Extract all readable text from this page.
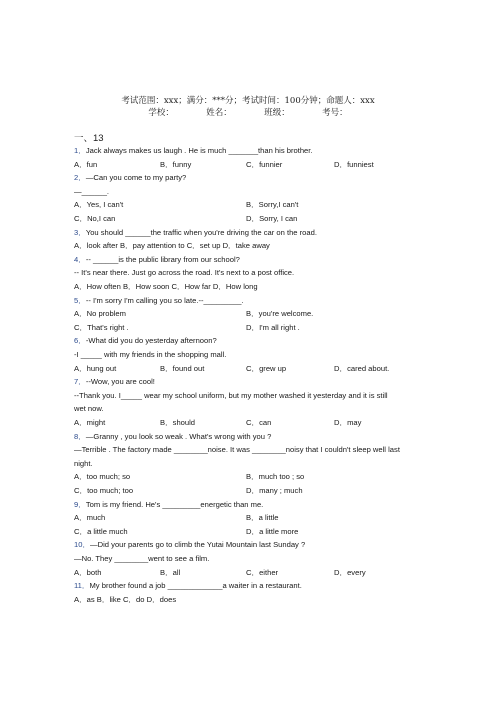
考试范围：xxx；满分：***分；考试时间：100分钟；命题人：xxx
学校：            姓名：            班级：            考号：
一、13
1．Jack always makes us laugh . He is much _______than his brother.
A．fun	B．funny	C．funnier	D．funniest
2．—Can you come to my party?
—______.
A．Yes, I can't	B．Sorry,I can't
C．No,I can	D．Sorry, I can
3．You should ______the traffic when you're driving the car on the road.
A．look after B．pay attention to C．set up D．take away
4．-- ______is the public library from our school?
-- It's near there. Just go across the road. It's next to a post office.
A．How often B．How soon C．How far D．How long
5．-- I'm sorry I'm calling you so late.--_________.
A．No problem	B．you're welcome.
C．That's right .	D．I'm all right .
6．-What did you do yesterday afternoon?
-I _____ with my friends in the shopping mall.
A．hung out	B．found out	C．grew up	D．cared about.
7．--Wow, you are cool!
--Thank you. I_____ wear my school uniform, but my mother washed it yesterday and it is still
wet now.
A．might	B．should	C．can	D．may
8．—Granny , you look so weak . What's wrong with you ?
—Terrible . The factory made ________noise. It was ________noisy that I couldn't sleep well last
night.
A．too much; so	B．much too ; so
C．too much; too	D．many ; much
9．Tom is my friend. He's _________energetic than me.
A．much	B．a little
C．a little much	D．a little more
10．—Did your parents go to climb the Yutai Mountain last Sunday ?
—No. They ________went to see a film.
A．both	B．all	C．either	D．every
11．My brother found a job _____________a waiter in a restaurant.
A．as B．like C．do D．does
